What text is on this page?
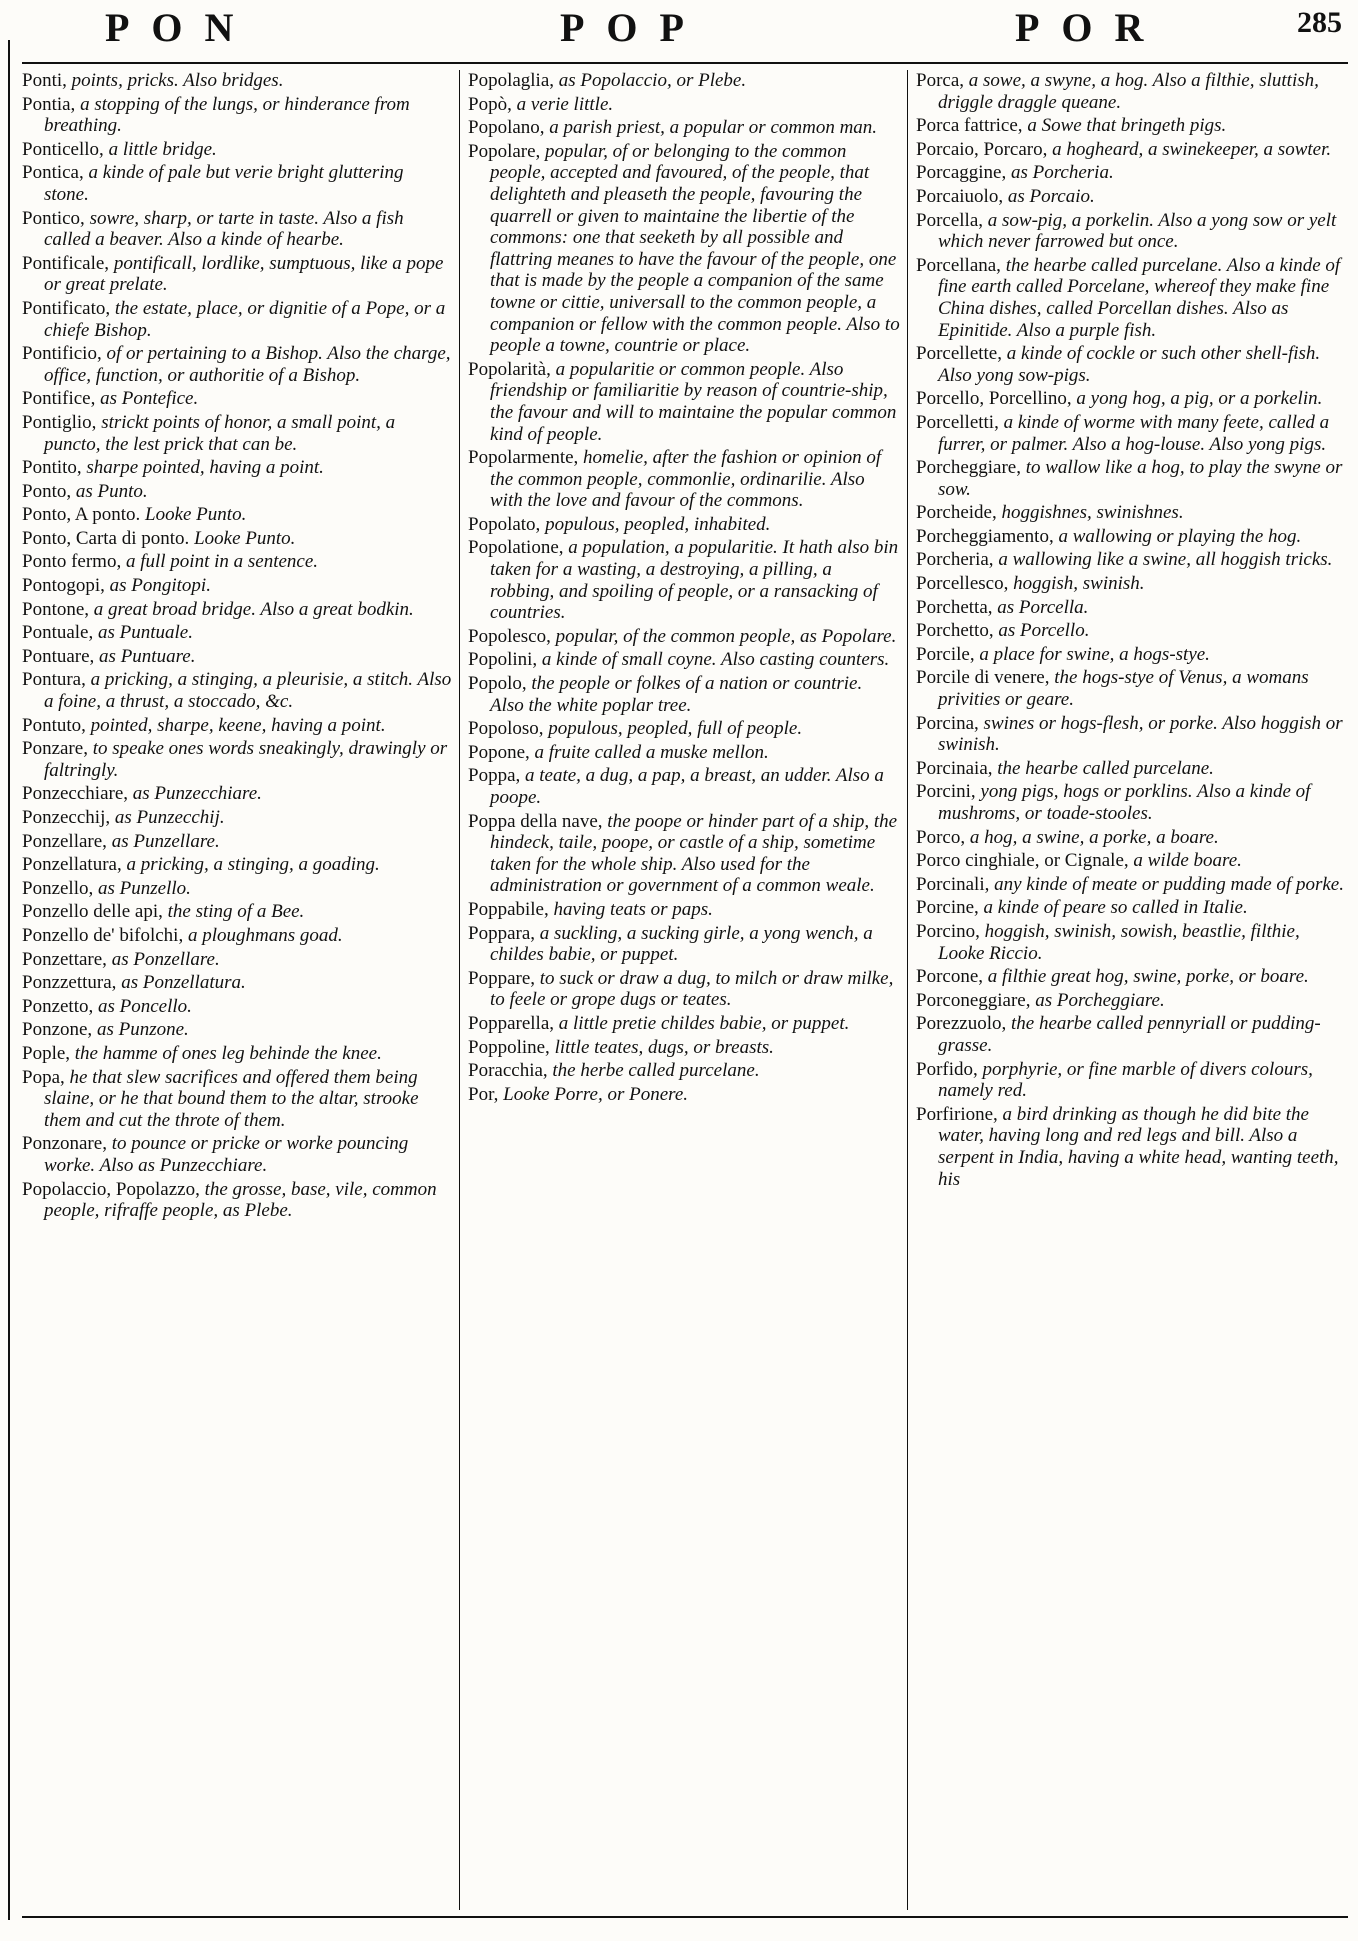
PON	POP	POR	285

Ponti, points, pricks. Also bridges.

Pontia, a stopping of the lungs, or hinderance from breathing.

Ponticello, a little bridge.

Pontica, a kinde of pale but verie bright gluttering stone.

Pontico, sowre, sharp, or tarte in taste. Also a fish called a beaver. Also a kinde of hearbe.

Pontificale, pontificall, lordlike, sumptuous, like a pope or great prelate.

Pontificato, the estate, place, or dignitie of a Pope, or a chiefe Bishop.

Pontificio, of or pertaining to a Bishop. Also the charge, office, function, or authoritie of a Bishop.

Pontifice, as Pontefice.

Pontiglio, strickt points of honor, a small point, a puncto, the lest prick that can be.

Pontito, sharpe pointed, having a point.

Ponto, as Punto.

Ponto, A ponto. Looke Punto.

Ponto, Carta di ponto. Looke Punto.

Ponto fermo, a full point in a sentence.

Pontogopi, as Pongitopi.

Pontone, a great broad bridge. Also a great bodkin.

Pontuale, as Puntuale.

Pontuare, as Puntuare.

Pontura, a pricking, a stinging, a pleurisie, a stitch. Also a foine, a thrust, a stoccado, &c.

Pontuto, pointed, sharpe, keene, having a point.

Ponzare, to speake ones words sneakingly, drawingly or faltringly.

Ponzecchiare, as Punzecchiare.

Ponzecchij, as Punzecchij.

Ponzellare, as Punzellare.

Ponzellatura, a pricking, a stinging, a goading.

Ponzello, as Punzello.

Ponzello delle api, the sting of a Bee.

Ponzello de' bifolchi, a ploughmans goad.

Ponzettare, as Ponzellare.

Ponzzettura, as Ponzellatura.

Ponzetto, as Poncello.

Ponzone, as Punzone.

Pople, the hamme of ones leg behinde the knee.

Popa, he that slew sacrifices and offered them being slaine, or he that bound them to the altar, strooke them and cut the throte of them.

Ponzonare, to pounce or pricke or worke pouncing worke. Also as Punzecchiare.

Popolaccio, Popolazzo, the grosse, base, vile, common people, rifraffe people, as Plebe.

Popolaglia, as Popolaccio, or Plebe.

Popò, a verie little.

Popolano, a parish priest, a popular or common man.

Popolare, popular, of or belonging to the common people, accepted and favoured, of the people, that delighteth and pleaseth the people, favouring the quarrell or given to maintaine the libertie of the commons: one that seeketh by all possible and flattring meanes to have the favour of the people, one that is made by the people a companion of the same towne or cittie, universall to the common people, a companion or fellow with the common people. Also to people a towne, countrie or place.

Popolarità, a popularitie or common people. Also friendship or familiaritie by reason of countrie-ship, the favour and will to maintaine the popular common kind of people.

Popolarmente, homelie, after the fashion or opinion of the common people, commonlie, ordinarilie. Also with the love and favour of the commons.

Popolato, populous, peopled, inhabited.

Popolatione, a population, a popularitie. It hath also bin taken for a wasting, a destroying, a pilling, a robbing, and spoiling of people, or a ransacking of countries.

Popolesco, popular, of the common people, as Popolare.

Popolini, a kinde of small coyne. Also casting counters.

Popolo, the people or folkes of a nation or countrie. Also the white poplar tree.

Popoloso, populous, peopled, full of people.

Popone, a fruite called a muske mellon.

Poppa, a teate, a dug, a pap, a breast, an udder. Also a poope.

Poppa della nave, the poope or hinder part of a ship, the hindeck, taile, poope, or castle of a ship, sometime taken for the whole ship. Also used for the administration or government of a common weale.

Poppabile, having teats or paps.

Poppara, a suckling, a sucking girle, a yong wench, a childes babie, or puppet.

Poppare, to suck or draw a dug, to milch or draw milke, to feele or grope dugs or teates.

Popparella, a little pretie childes babie, or puppet.

Poppoline, little teates, dugs, or breasts.

Poracchia, the herbe called purcelane.

Por, Looke Porre, or Ponere.

Porca, a sowe, a swyne, a hog. Also a filthie, sluttish, driggle draggle queane.

Porca fattrice, a Sowe that bringeth pigs.

Porcaio, Porcaro, a hogheard, a swinekeeper, a sowter.

Porcaggine, as Porcheria.

Porcaiuolo, as Porcaio.

Porcella, a sow-pig, a porkelin. Also a yong sow or yelt which never farrowed but once.

Porcellana, the hearbe called purcelane. Also a kinde of fine earth called Porcelane, whereof they make fine China dishes, called Porcellan dishes. Also as Epinitide. Also a purple fish.

Porcellette, a kinde of cockle or such other shell-fish. Also yong sow-pigs.

Porcello, Porcellino, a yong hog, a pig, or a porkelin.

Porcelletti, a kinde of worme with many feete, called a furrer, or palmer. Also a hog-louse. Also yong pigs.

Porcheggiare, to wallow like a hog, to play the swyne or sow.

Porcheide, hoggishnes, swinishnes.

Porcheggiamento, a wallowing or playing the hog.

Porcheria, a wallowing like a swine, all hoggish tricks.

Porcellesco, hoggish, swinish.

Porchetta, as Porcella.

Porchetto, as Porcello.

Porcile, a place for swine, a hogs-stye.

Porcile di venere, the hogs-stye of Venus, a womans privities or geare.

Porcina, swines or hogs-flesh, or porke. Also hoggish or swinish.

Porcinaia, the hearbe called purcelane.

Porcini, yong pigs, hogs or porklins. Also a kinde of mushroms, or toade-stooles.

Porco, a hog, a swine, a porke, a boare.

Porco cinghiale, or Cignale, a wilde boare.

Porcinali, any kinde of meate or pudding made of porke.

Porcine, a kinde of peare so called in Italie.

Porcino, hoggish, swinish, sowish, beastlie, filthie, Looke Riccio.

Porcone, a filthie great hog, swine, porke, or boare.

Porconeggiare, as Porcheggiare.

Porezzuolo, the hearbe called pennyriall or pudding-grasse.

Porfido, porphyrie, or fine marble of divers colours, namely red.

Porfirione, a bird drinking as though he did bite the water, having long and red legs and bill. Also a serpent in India, having a white head, wanting teeth, his
